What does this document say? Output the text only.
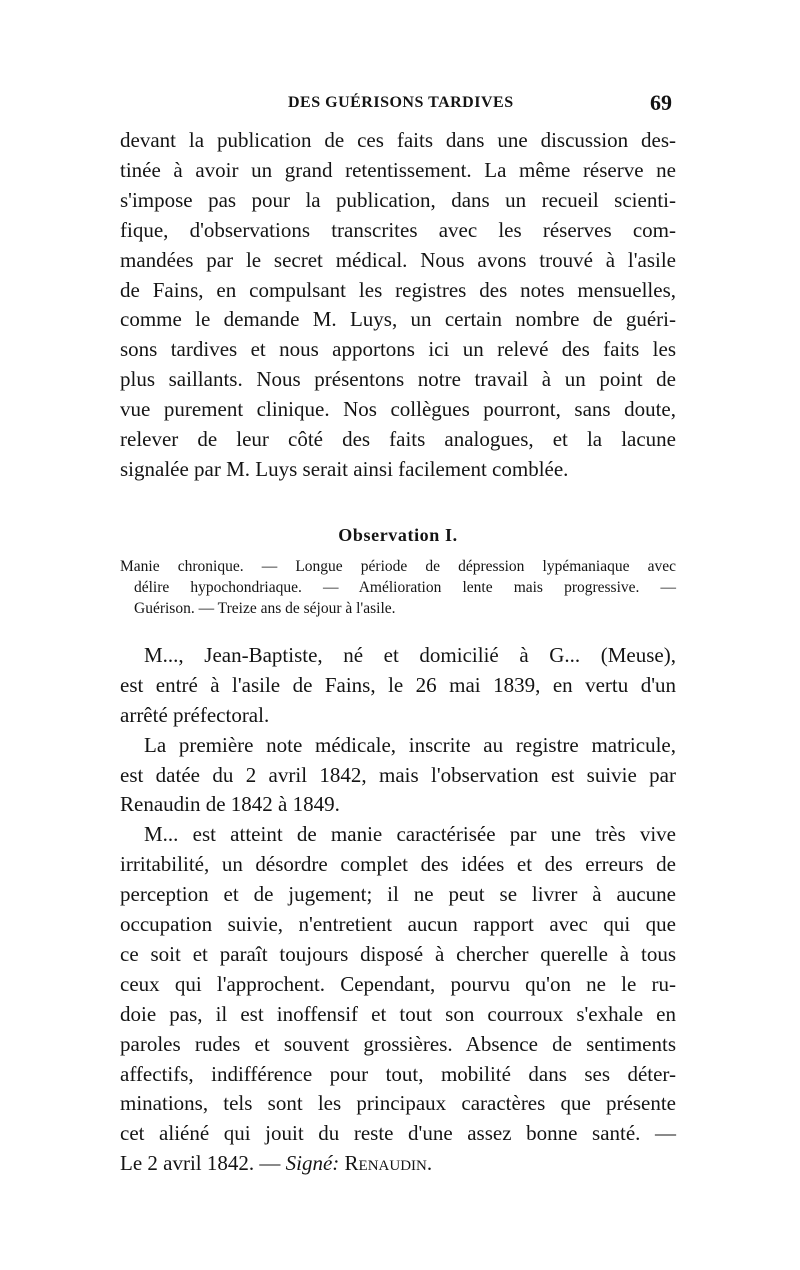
DES GUÉRISONS TARDIVES	69
devant la publication de ces faits dans une discussion des-
tinée à avoir un grand retentissement. La même réserve ne
s'impose pas pour la publication, dans un recueil scienti-
fique, d'observations transcrites avec les réserves com-
mandées par le secret médical. Nous avons trouvé à l'asile
de Fains, en compulsant les registres des notes mensuelles,
comme le demande M. Luys, un certain nombre de guéri-
sons tardives et nous apportons ici un relevé des faits les
plus saillants. Nous présentons notre travail à un point de
vue purement clinique. Nos collègues pourront, sans doute,
relever de leur côté des faits analogues, et la lacune
signalée par M. Luys serait ainsi facilement comblée.
Observation I.
Manie chronique. — Longue période de dépression lypémaniaque avec
délire hypochondriaque. — Amélioration lente mais progressive. —
Guérison. — Treize ans de séjour à l'asile.
M..., Jean-Baptiste, né et domicilié à G... (Meuse),
est entré à l'asile de Fains, le 26 mai 1839, en vertu d'un
arrêté préfectoral.
La première note médicale, inscrite au registre matricule,
est datée du 2 avril 1842, mais l'observation est suivie par
Renaudin de 1842 à 1849.
M... est atteint de manie caractérisée par une très vive
irritabilité, un désordre complet des idées et des erreurs de
perception et de jugement; il ne peut se livrer à aucune
occupation suivie, n'entretient aucun rapport avec qui que
ce soit et paraît toujours disposé à chercher querelle à tous
ceux qui l'approchent. Cependant, pourvu qu'on ne le ru-
doie pas, il est inoffensif et tout son courroux s'exhale en
paroles rudes et souvent grossières. Absence de sentiments
affectifs, indifférence pour tout, mobilité dans ses déter-
minations, tels sont les principaux caractères que présente
cet aliéné qui jouit du reste d'une assez bonne santé. —
Le 2 avril 1842. — Signé: Renaudin.
